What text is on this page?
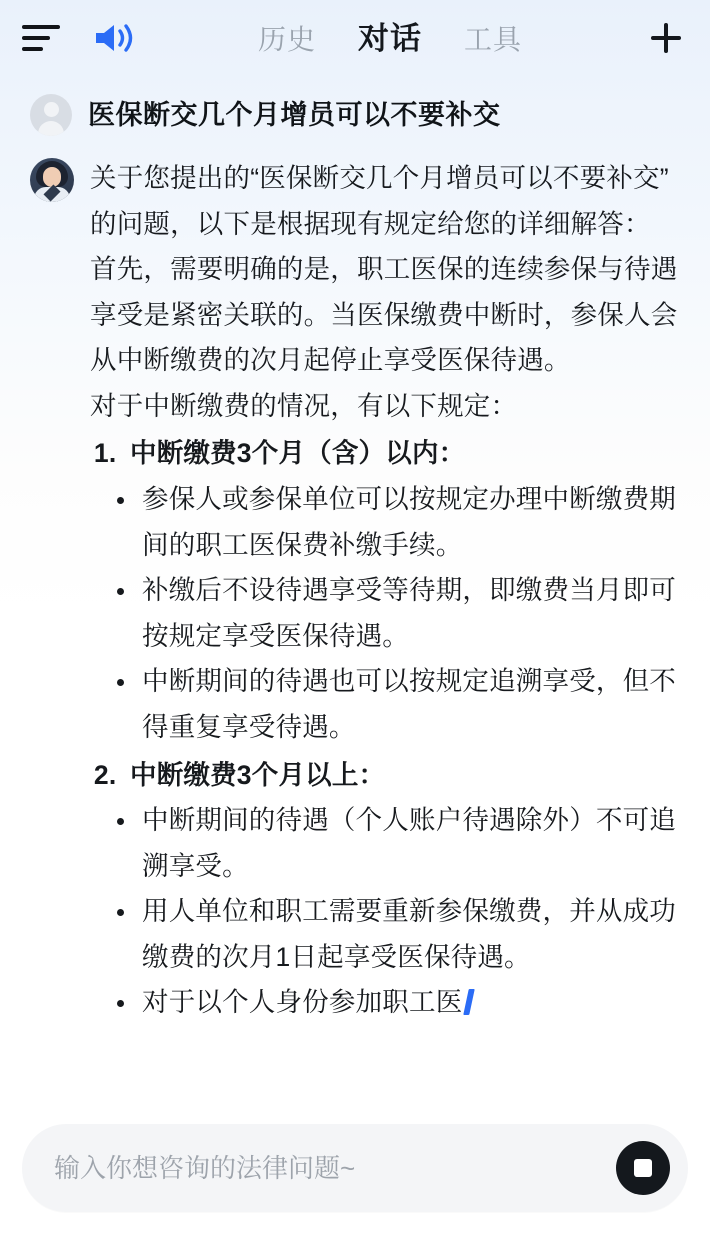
历史 对话 工具
医保断交几个月增员可以不要补交

关于您提出的“医保断交几个月增员可以不要补交”的问题，以下是根据现有规定给您的详细解答：

首先，需要明确的是，职工医保的连续参保与待遇享受是紧密关联的。当医保缴费中断时，参保人会从中断缴费的次月起停止享受医保待遇。

对于中断缴费的情况，有以下规定：

1. 中断缴费3个月（含）以内：
• 参保人或参保单位可以按规定办理中断缴费期间的职工医保费补缴手续。
• 补缴后不设待遇享受等待期，即缴费当月即可按规定享受医保待遇。
• 中断期间的待遇也可以按规定追溯享受，但不得重复享受待遇。
2. 中断缴费3个月以上：
• 中断期间的待遇（个人账户待遇除外）不可追溯享受。
• 用人单位和职工需要重新参保缴费，并从成功缴费的次月1日起享受医保待遇。
• 对于以个人身份参加职工医
输入你想咨询的法律问题~
